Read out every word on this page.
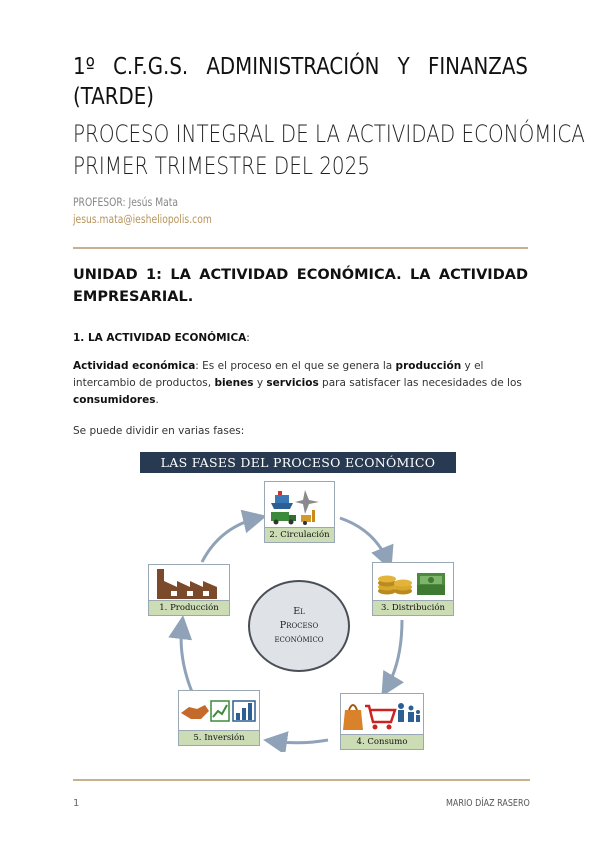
1º C.F.G.S. ADMINISTRACIÓN Y FINANZAS (TARDE)
PROCESO INTEGRAL DE LA ACTIVIDAD ECONÓMICA
PRIMER TRIMESTRE DEL 2025
PROFESOR: Jesús Mata
jesus.mata@iesheliopolis.com
UNIDAD 1: LA ACTIVIDAD ECONÓMICA. LA ACTIVIDAD EMPRESARIAL.
1. LA ACTIVIDAD ECONÓMICA:
Actividad económica: Es el proceso en el que se genera la producción y el intercambio de productos, bienes y servicios para satisfacer las necesidades de los consumidores.
Se puede dividir en varias fases:
LAS FASES DEL PROCESO ECONÓMICO
2. Circulación
1. Producción	3. Distribución
5. Inversión	4. Consumo
El
Proceso
económico
1	MARIO DÍAZ RASERO
